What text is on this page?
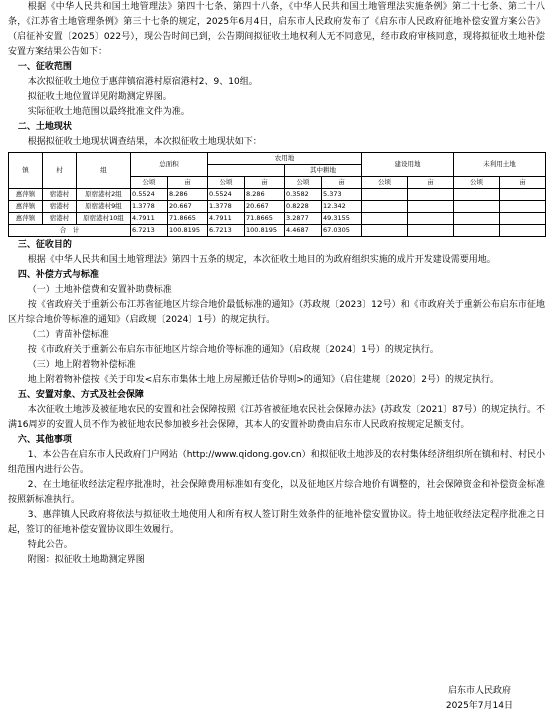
根据《中华人民共和国土地管理法》第四十七条、第四十八条，《中华人民共和国土地管理法实施条例》第二十七条、第二十八条，《江苏省土地管理条例》第三十七条的规定，2025年6月4日，启东市人民政府发布了《启东市人民政府征地补偿安置方案公告》（启征补安置〔2025〕022号），现公告时间已到，公告期间拟征收土地权利人无不同意见，经市政府审核同意，现将拟征收土地补偿安置方案结果公告如下：

一、征收范围

本次拟征收土地位于惠萍镇宿港村原宿港村2、9、10组。

拟征收土地位置详见附勘测定界图。

实际征收土地范围以最终批准文件为准。

二、土地现状

根据拟征收土地现状调查结果，本次拟征收土地现状如下：

镇	村	组	总面积		农用地				建设用地		未利用土地	
							其中耕地					
			公顷	亩	公顷	亩	公顷	亩	公顷	亩	公顷	亩
惠萍镇	宿港村	原宿港村2组	0.5524	8.286	0.5524	8.286	0.3582	5.373				
惠萍镇	宿港村	原宿港村9组	1.3778	20.667	1.3778	20.667	0.8228	12.342				
惠萍镇	宿港村	原宿港村10组	4.7911	71.8665	4.7911	71.8665	3.2877	49.3155				
合　计			6.7213	100.8195	6.7213	100.8195	4.4687	67.0305				

三、征收目的

根据《中华人民共和国土地管理法》第四十五条的规定，本次征收土地目的为政府组织实施的成片开发建设需要用地。

四、补偿方式与标准

（一）土地补偿费和安置补助费标准

按《省政府关于重新公布江苏省征地区片综合地价最低标准的通知》（苏政规〔2023〕12号）和《市政府关于重新公布启东市征地区片综合地价等标准的通知》（启政规〔2024〕1号）的规定执行。

（二）青苗补偿标准

按《市政府关于重新公布启东市征地区片综合地价等标准的通知》（启政规〔2024〕1号）的规定执行。

（三）地上附着物补偿标准

地上附着物补偿按《关于印发<启东市集体土地上房屋搬迁估价导则>的通知》（启住建规〔2020〕2号）的规定执行。

五、安置对象、方式及社会保障

本次征收土地涉及被征地农民的安置和社会保障按照《江苏省被征地农民社会保障办法》(苏政发〔2021〕87号）的规定执行。不满16周岁的安置人员不作为被征地农民参加被乡社会保障，其本人的安置补助费由启东市人民政府按规定足额支付。

六、其他事项

1、本公告在启东市人民政府门户网站（http://www.qidong.gov.cn）和拟征收土地涉及的农村集体经济组织所在镇和村、村民小组范围内进行公告。

2、在土地征收经法定程序批准时，社会保障费用标准如有变化，以及征地区片综合地价有调整的，社会保障资金和补偿资金标准按照新标准执行。

3、惠萍镇人民政府将依法与拟征收土地使用人和所有权人签订附生效条件的征地补偿安置协议。待土地征收经法定程序批准之日起，签订的征地补偿安置协议即生效履行。

特此公告。

附图：拟征收土地勘测定界图

启东市人民政府
2025年7月14日
